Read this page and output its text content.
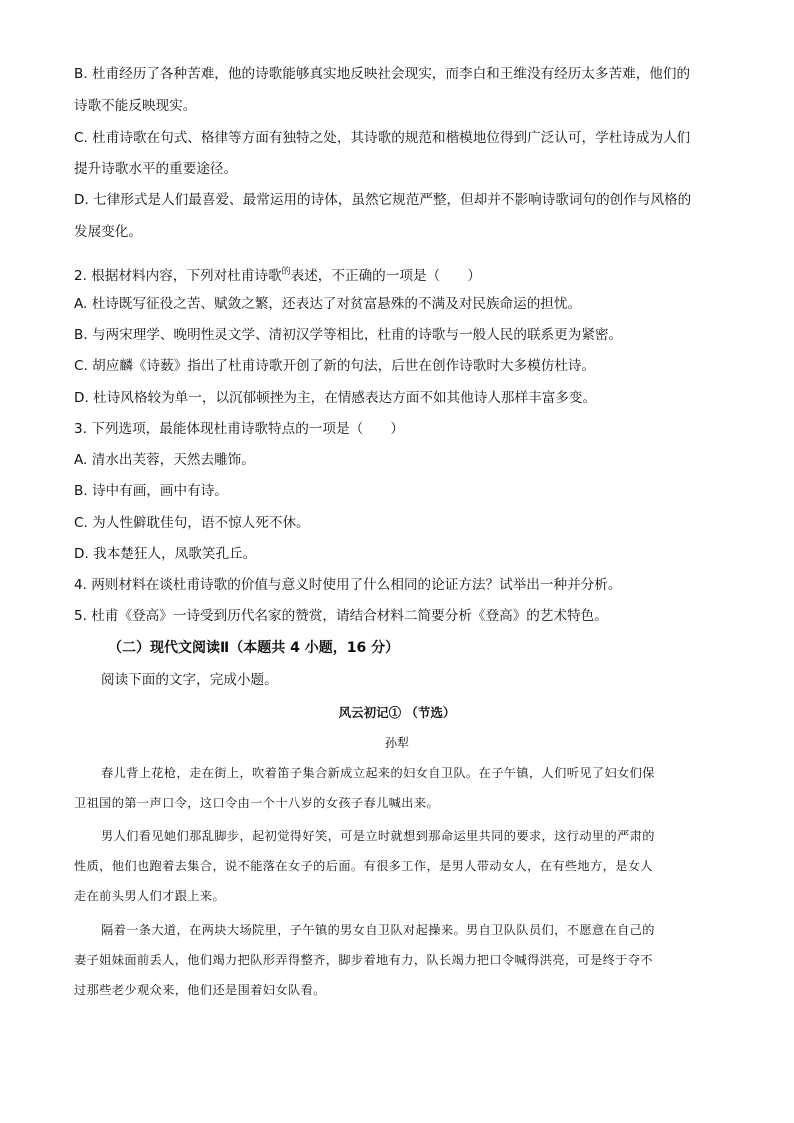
B. 杜甫经历了各种苦难，他的诗歌能够真实地反映社会现实，而李白和王维没有经历太多苦难，他们的
诗歌不能反映现实。
C. 杜甫诗歌在句式、格律等方面有独特之处，其诗歌的规范和楷模地位得到广泛认可，学杜诗成为人们
提升诗歌水平的重要途径。
D. 七律形式是人们最喜爱、最常运用的诗体，虽然它规范严整，但却并不影响诗歌词句的创作与风格的
发展变化。
2. 根据材料内容，下列对杜甫诗歌$^的$表述，不正确的一项是（　　）
A. 杜诗既写征役之苦、赋敛之繁，还表达了对贫富悬殊的不满及对民族命运的担忧。
B. 与两宋理学、晚明性灵文学、清初汉学等相比，杜甫的诗歌与一般人民的联系更为紧密。
C. 胡应麟《诗薮》指出了杜甫诗歌开创了新的句法，后世在创作诗歌时大多模仿杜诗。
D. 杜诗风格较为单一，以沉郁顿挫为主，在情感表达方面不如其他诗人那样丰富多变。
3. 下列选项，最能体现杜甫诗歌特点的一项是（　　）
A. 清水出芙蓉，天然去雕饰。
B. 诗中有画，画中有诗。
C. 为人性僻耽佳句，语不惊人死不休。
D. 我本楚狂人，凤歌笑孔丘。
4. 两则材料在谈杜甫诗歌的价值与意义时使用了什么相同的论证方法？试举出一种并分析。
5. 杜甫《登高》一诗受到历代名家的赞赏，请结合材料二简要分析《登高》的艺术特色。
（二）现代文阅读Ⅱ（本题共 4 小题，16 分）
阅读下面的文字，完成小题。
风云初记① （节选）
孙犁
春儿背上花枪，走在街上，吹着笛子集合新成立起来的妇女自卫队。在子午镇，人们听见了妇女们保
卫祖国的第一声口令，这口令由一个十八岁的女孩子春儿喊出来。
男人们看见她们那乱脚步，起初觉得好笑，可是立时就想到那命运里共同的要求，这行动里的严肃的
性质，他们也跑着去集合，说不能落在女子的后面。有很多工作，是男人带动女人，在有些地方，是女人
走在前头男人们才跟上来。
隔着一条大道，在两块大场院里，子午镇的男女自卫队对起操来。男自卫队队员们，不愿意在自己的
妻子姐妹面前丢人，他们竭力把队形弄得整齐，脚步着地有力，队长竭力把口令喊得洪亮，可是终于夺不
过那些老少观众来，他们还是围着妇女队看。
